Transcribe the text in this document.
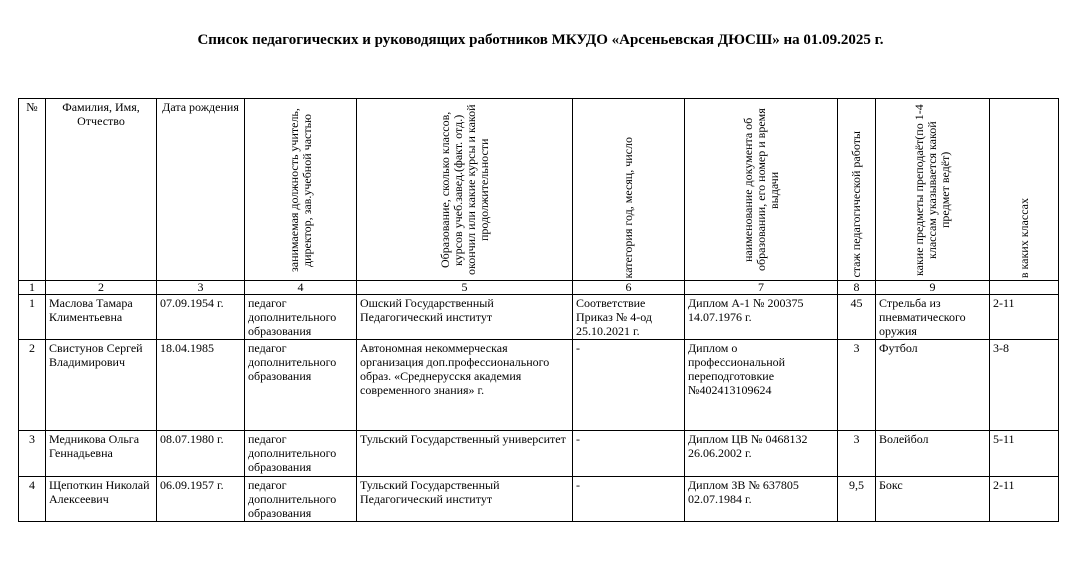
Список педагогических и руководящих работников МКУДО «Арсеньевская ДЮСШ» на 01.09.2025 г.
№	Фамилия, Имя, Отчество	Дата рождения	занимаемая должность учитель, директор, зав.учебной частью	Образование, сколько классов, курсов учеб.завед.(факт. отд.) окончил или какие курсы и какой продолжительности	категория год, месяц, число	наименование документа об образовании, его номер и время выдачи	стаж педагогической работы	какие предметы преподаёт(по 1-4 классам указывается какой предмет ведёт)	в каких классах

1	2	3	4	5	6	7	8	9	
1	Маслова Тамара Климентьевна	07.09.1954 г.	педагог дополнительного образования	Ошский Государственный Педагогический институт	Соответствие Приказ № 4-од 25.10.2021 г.	Диплом А-1 № 200375 14.07.1976 г.	45	Стрельба из пневматического оружия	2-11
2	Свистунов Сергей Владимирович	18.04.1985	педагог дополнительного образования	Автономная некоммерческая организация доп.профессионального образ. «Среднерусскя академия современного знания» г.	-	Диплом о профессиональной переподготовкие №402413109624	3	Футбол	3-8
3	Медникова Ольга Геннадьевна	08.07.1980 г.	педагог дополнительного образования	Тульский Государственный университет	-	Диплом ЦВ № 0468132 26.06.2002 г.	3	Волейбол	5-11
4	Щепоткин Николай Алексеевич	06.09.1957 г.	педагог дополнительного образования	Тульский Государственный Педагогический институт	-	Диплом ЗВ № 637805 02.07.1984 г.	9,5	Бокс	2-11
